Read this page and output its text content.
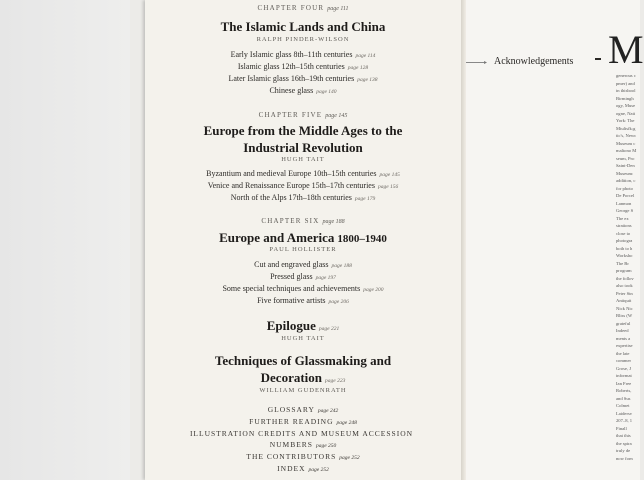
CHAPTER FOUR page 111
The Islamic Lands and China
RALPH PINDER-WILSON
Early Islamic glass 8th–11th centuries page 114
Islamic glass 12th–15th centuries page 128
Later Islamic glass 16th–19th centuries page 138
Chinese glass page 140
CHAPTER FIVE page 145
Europe from the Middle Ages to the
Industrial Revolution
HUGH TAIT
Byzantium and medieval Europe 10th–15th centuries page 145
Venice and Renaissance Europe 15th–17th centuries page 156
North of the Alps 17th–18th centuries page 179
CHAPTER SIX page 188
Europe and America 1800–1940
PAUL HOLLISTER
Cut and engraved glass page 188
Pressed glass page 197
Some special techniques and achievements page 200
Five formative artists page 206
Epilogue page 221
HUGH TAIT
Techniques of Glassmaking and
Decoration page 223
WILLIAM GUDENRATH
GLOSSARY page 242
FURTHER READING page 248
ILLUSTRATION CREDITS AND MUSEUM ACCESSION
NUMBERS page 250
THE CONTRIBUTORS page 252
INDEX page 252
▸ Acknowledgements M
generous c
pmer) and
in thisbool
Birmingh
ogy, Muse
ogne, Nati
York: The
Miultsfk;g
tic's, Newc
Museum c
maltono M
seum, Pro
Saint-Den
Museum:
addition, c
for photo
De Porcel
Lanmon
George S
The ex
strations
close to
photogra
both to h
Worksho
The Br
program
the follov
also took
Peter Stn
Antiquit
Nick Nic
Bliss (W
grateful
Indeed
ments a
expertise
the late
commer
Grose, J
informat
Ian Free
Roberts,
and Sus
Colmet
Laidersv
207–8, 1
Finall
that this
the spira
truly de
now forn
